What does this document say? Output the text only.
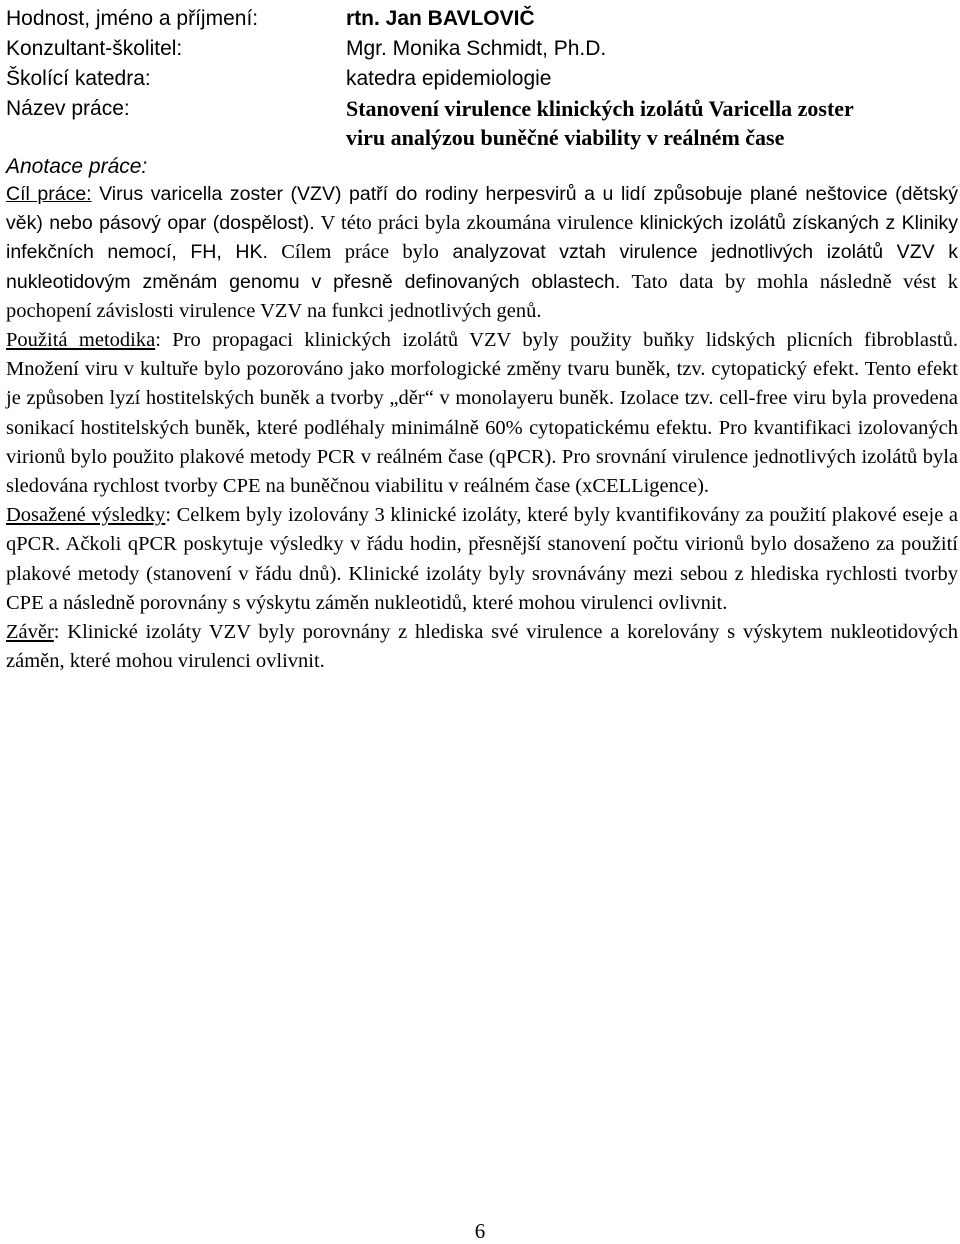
Hodnost, jméno a příjmení:	rtn. Jan BAVLOVIČ
Konzultant-školitel:	Mgr. Monika Schmidt, Ph.D.
Školící katedra:	katedra epidemiologie
Název práce:	Stanovení virulence klinických izolátů Varicella zoster
viru analýzou buněčné viability v reálném čase
Anotace práce:

Cíl práce: Virus varicella zoster (VZV) patří do rodiny herpesvirů a u lidí způsobuje plané neštovice (dětský věk) nebo pásový opar (dospělost). V této práci byla zkoumána virulence klinických izolátů získaných z Kliniky infekčních nemocí, FH, HK. Cílem práce bylo analyzovat vztah virulence jednotlivých izolátů VZV k nukleotidovým změnám genomu v přesně definovaných oblastech. Tato data by mohla následně vést k pochopení závislosti virulence VZV na funkci jednotlivých genů.

Použitá metodika: Pro propagaci klinických izolátů VZV byly použity buňky lidských plicních fibroblastů. Množení viru v kultuře bylo pozorováno jako morfologické změny tvaru buněk, tzv. cytopatický efekt. Tento efekt je způsoben lyzí hostitelských buněk a tvorby „děr“ v monolayeru buněk. Izolace tzv. cell-free viru byla provedena sonikací hostitelských buněk, které podléhaly minimálně 60% cytopatickému efektu. Pro kvantifikaci izolovaných virionů bylo použito plakové metody PCR v reálném čase (qPCR). Pro srovnání virulence jednotlivých izolátů byla sledována rychlost tvorby CPE na buněčnou viabilitu v reálném čase (xCELLigence).

Dosažené výsledky: Celkem byly izolovány 3 klinické izoláty, které byly kvantifikovány za použití plakové eseje a qPCR. Ačkoli qPCR poskytuje výsledky v řádu hodin, přesnější stanovení počtu virionů bylo dosaženo za použití plakové metody (stanovení v řádu dnů). Klinické izoláty byly srovnávány mezi sebou z hlediska rychlosti tvorby CPE a následně porovnány s výskytu záměn nukleotidů, které mohou virulenci ovlivnit.

Závěr: Klinické izoláty VZV byly porovnány z hlediska své virulence a korelovány s výskytem nukleotidových záměn, které mohou virulenci ovlivnit.

6
